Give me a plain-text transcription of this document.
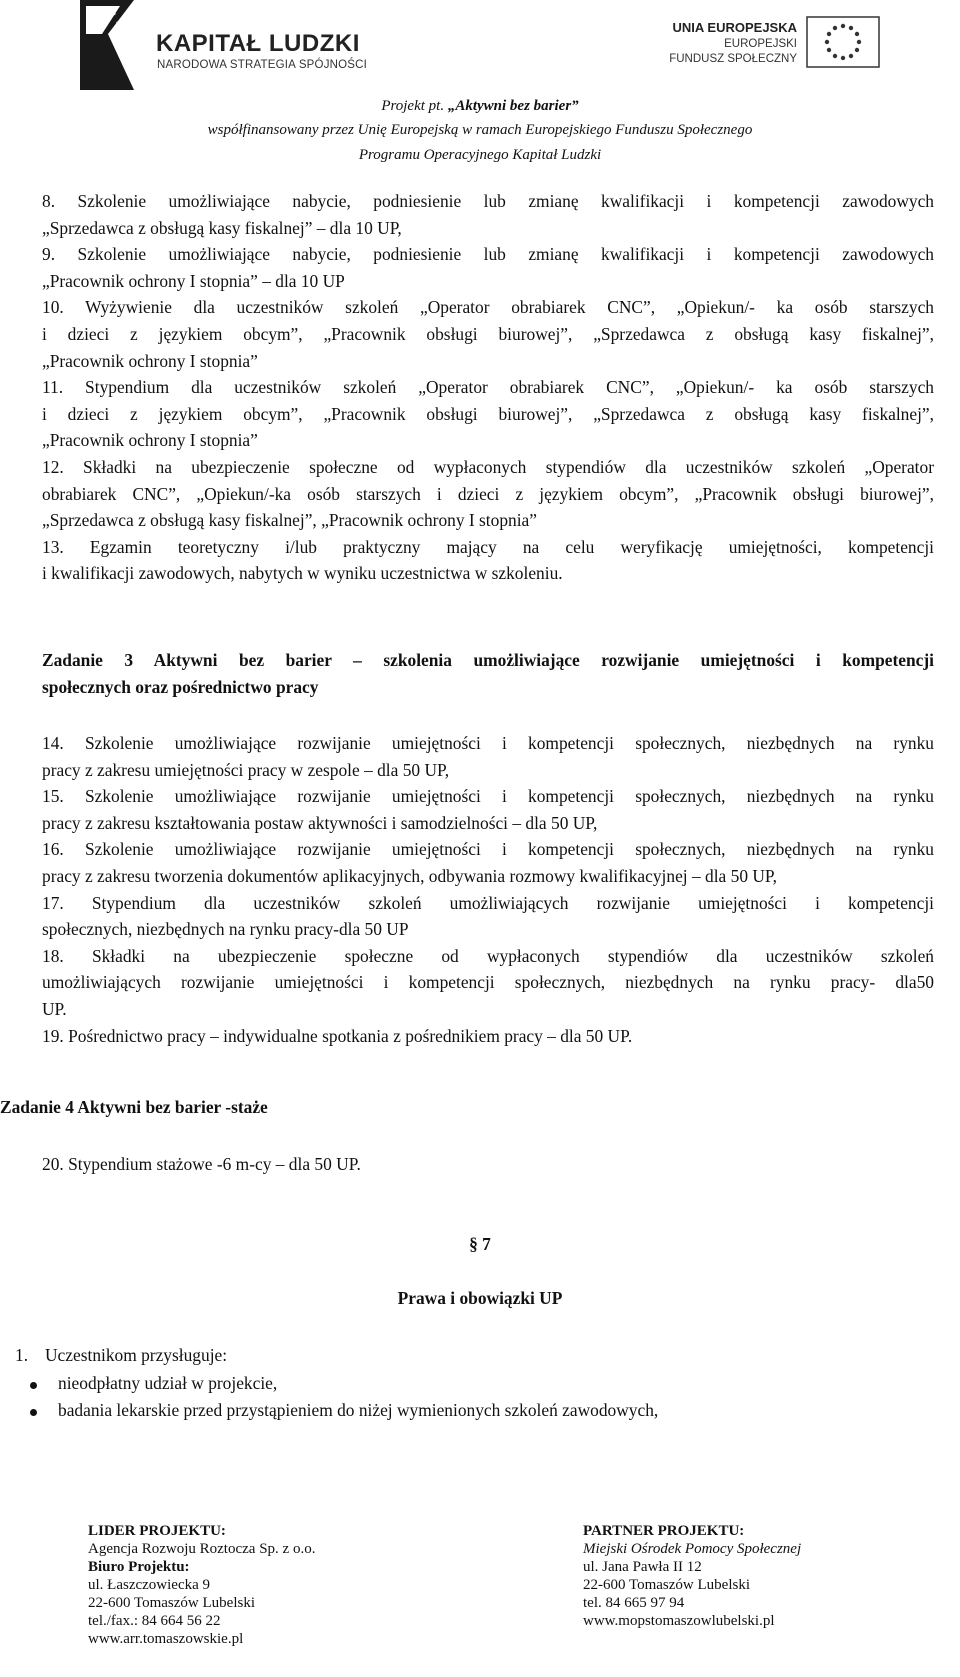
KAPITAŁ LUDZKI
NARODOWA STRATEGIA SPÓJNOŚCI
UNIA EUROPEJSKA
EUROPEJSKI
FUNDUSZ SPOŁECZNY
Projekt pt. „Aktywni bez barier”
współfinansowany przez Unię Europejską w ramach Europejskiego Funduszu Społecznego
Programu Operacyjnego Kapitał Ludzki
8. Szkolenie umożliwiające nabycie, podniesienie lub zmianę kwalifikacji i kompetencji zawodowych
„Sprzedawca z obsługą kasy fiskalnej” – dla 10 UP,
9. Szkolenie umożliwiające nabycie, podniesienie lub zmianę kwalifikacji i kompetencji zawodowych
„Pracownik ochrony I stopnia” – dla 10 UP
10. Wyżywienie dla uczestników szkoleń „Operator obrabiarek CNC”, „Opiekun/- ka osób starszych
i dzieci z językiem obcym”, „Pracownik obsługi biurowej”, „Sprzedawca z obsługą kasy fiskalnej”,
„Pracownik ochrony I stopnia”
11. Stypendium dla uczestników szkoleń „Operator obrabiarek CNC”, „Opiekun/- ka osób starszych
i dzieci z językiem obcym”, „Pracownik obsługi biurowej”, „Sprzedawca z obsługą kasy fiskalnej”,
„Pracownik ochrony I stopnia”
12. Składki na ubezpieczenie społeczne od wypłaconych stypendiów dla uczestników szkoleń „Operator
obrabiarek CNC”, „Opiekun/-ka osób starszych i dzieci z językiem obcym”, „Pracownik obsługi biurowej”,
„Sprzedawca z obsługą kasy fiskalnej”, „Pracownik ochrony I stopnia”
13. Egzamin teoretyczny i/lub praktyczny mający na celu weryfikację umiejętności, kompetencji
i kwalifikacji zawodowych, nabytych w wyniku uczestnictwa w szkoleniu.
Zadanie 3 Aktywni bez barier – szkolenia umożliwiające rozwijanie umiejętności i kompetencji
społecznych oraz pośrednictwo pracy
14. Szkolenie umożliwiające rozwijanie umiejętności i kompetencji społecznych, niezbędnych na rynku
pracy z zakresu umiejętności pracy w zespole – dla 50 UP,
15. Szkolenie umożliwiające rozwijanie umiejętności i kompetencji społecznych, niezbędnych na rynku
pracy z zakresu kształtowania postaw aktywności i samodzielności – dla 50 UP,
16. Szkolenie umożliwiające rozwijanie umiejętności i kompetencji społecznych, niezbędnych na rynku
pracy z zakresu tworzenia dokumentów aplikacyjnych, odbywania rozmowy kwalifikacyjnej – dla 50 UP,
17. Stypendium dla uczestników szkoleń umożliwiających rozwijanie umiejętności i kompetencji
społecznych, niezbędnych na rynku pracy-dla 50 UP
18. Składki na ubezpieczenie społeczne od wypłaconych stypendiów dla uczestników szkoleń
umożliwiających rozwijanie umiejętności i kompetencji społecznych, niezbędnych na rynku pracy- dla50
UP.
19. Pośrednictwo pracy – indywidualne spotkania z pośrednikiem pracy – dla 50 UP.
Zadanie 4 Aktywni bez barier -staże
20. Stypendium stażowe -6 m-cy – dla 50 UP.
§ 7
Prawa i obowiązki UP
1. Uczestnikom przysługuje:
nieodpłatny udział w projekcie,
badania lekarskie przed przystąpieniem do niżej wymienionych szkoleń zawodowych,
LIDER PROJEKTU:
Agencja Rozwoju Roztocza Sp. z o.o.
Biuro Projektu:
ul. Łaszczowiecka 9
22-600 Tomaszów Lubelski
tel./fax.: 84 664 56 22
www.arr.tomaszowskie.pl
PARTNER PROJEKTU:
Miejski Ośrodek Pomocy Społecznej
ul. Jana Pawła II 12
22-600 Tomaszów Lubelski
tel. 84 665 97 94
www.mopstomaszowlubelski.pl
